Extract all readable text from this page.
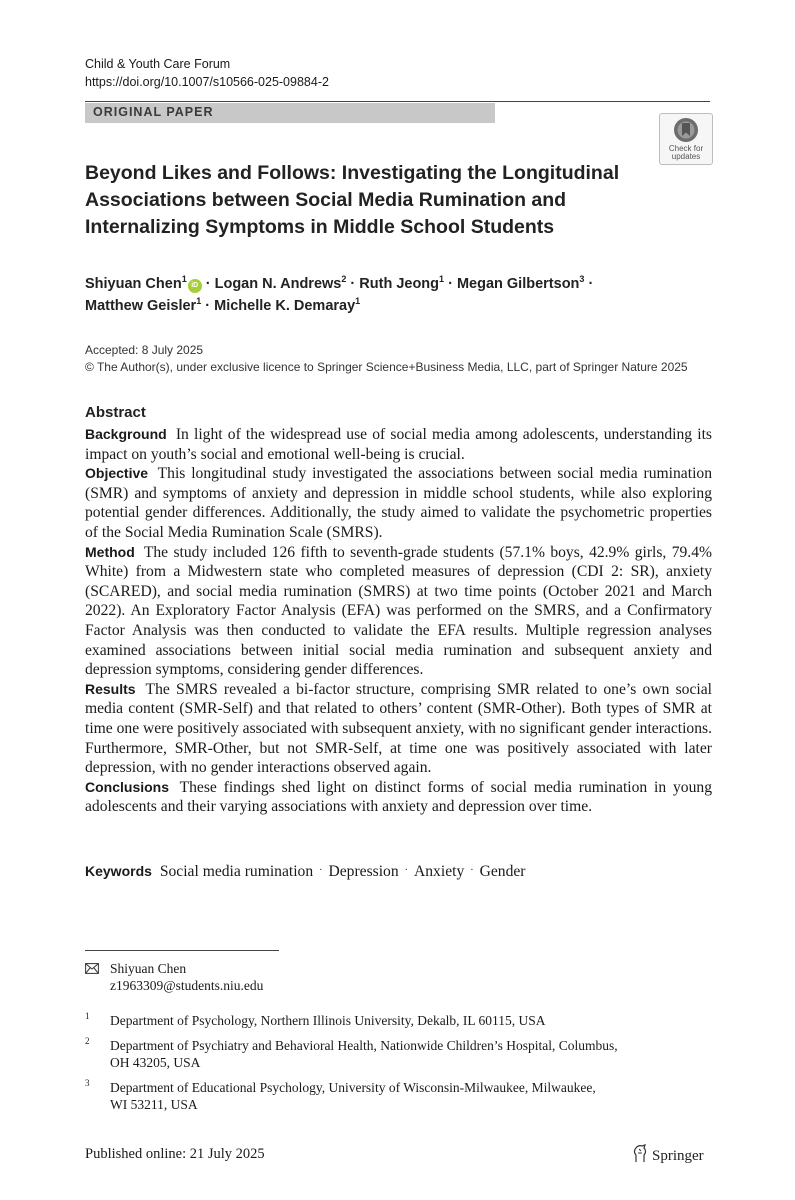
Child & Youth Care Forum
https://doi.org/10.1007/s10566-025-09884-2
ORIGINAL PAPER
Check for
updates
Beyond Likes and Follows: Investigating the Longitudinal Associations between Social Media Rumination and Internalizing Symptoms in Middle School Students
Shiyuan Chen$^1$iD · Logan N. Andrews$^2$ · Ruth Jeong$^1$ · Megan Gilbertson$^3$ ·
Matthew Geisler$^1$ · Michelle K. Demaray$^1$
Accepted: 8 July 2025
© The Author(s), under exclusive licence to Springer Science+Business Media, LLC, part of Springer Nature 2025
Abstract

Background In light of the widespread use of social media among adolescents, understanding its impact on youth’s social and emotional well-being is crucial.

Objective This longitudinal study investigated the associations between social media rumination (SMR) and symptoms of anxiety and depression in middle school students, while also exploring potential gender differences. Additionally, the study aimed to validate the psychometric properties of the Social Media Rumination Scale (SMRS).

Method The study included 126 fifth to seventh-grade students (57.1% boys, 42.9% girls, 79.4% White) from a Midwestern state who completed measures of depression (CDI 2: SR), anxiety (SCARED), and social media rumination (SMRS) at two time points (October 2021 and March 2022). An Exploratory Factor Analysis (EFA) was performed on the SMRS, and a Confirmatory Factor Analysis was then conducted to validate the EFA results. Multiple regression analyses examined associations between initial social media rumination and subsequent anxiety and depression symptoms, considering gender differences.

Results The SMRS revealed a bi-factor structure, comprising SMR related to one’s own social media content (SMR-Self) and that related to others’ content (SMR-Other). Both types of SMR at time one were positively associated with subsequent anxiety, with no significant gender interactions. Furthermore, SMR-Other, but not SMR-Self, at time one was positively associated with later depression, with no gender interactions observed again.

Conclusions These findings shed light on distinct forms of social media rumination in young adolescents and their varying associations with anxiety and depression over time.

Keywords Social media rumination · Depression · Anxiety · Gender
Shiyuan Chen
z1963309@students.niu.edu
1 Department of Psychology, Northern Illinois University, Dekalb, IL 60115, USA
2 Department of Psychiatry and Behavioral Health, Nationwide Children’s Hospital, Columbus,
OH 43205, USA
3 Department of Educational Psychology, University of Wisconsin-Milwaukee, Milwaukee,
WI 53211, USA
Published online: 21 July 2025	Springer
